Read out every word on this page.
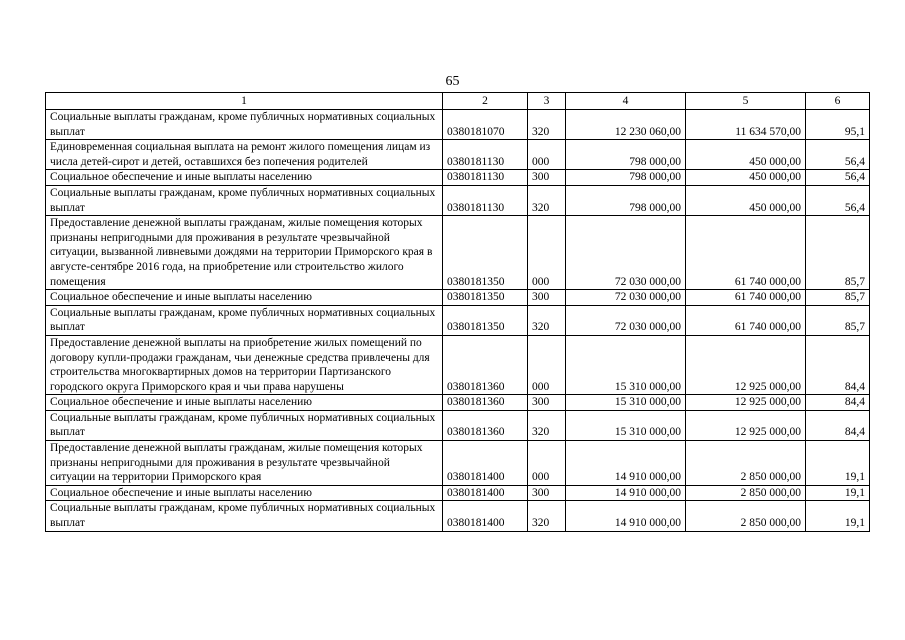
65
1	2	3	4	5	6
Социальные выплаты гражданам, кроме публичных нормативных социальных выплат	0380181070	320	12 230 060,00	11 634 570,00	95,1
Единовременная социальная выплата на ремонт жилого помещения лицам из числа детей-сирот и детей, оставшихся без попечения родителей	0380181130	000	798 000,00	450 000,00	56,4
Социальное обеспечение и иные выплаты населению	0380181130	300	798 000,00	450 000,00	56,4
Социальные выплаты гражданам, кроме публичных нормативных социальных выплат	0380181130	320	798 000,00	450 000,00	56,4
Предоставление денежной выплаты гражданам, жилые помещения которых признаны непригодными для проживания в результате чрезвычайной ситуации, вызванной ливневыми дождями на территории Приморского края в августе-сентябре 2016 года, на приобретение или строительство жилого помещения	0380181350	000	72 030 000,00	61 740 000,00	85,7
Социальное обеспечение и иные выплаты населению	0380181350	300	72 030 000,00	61 740 000,00	85,7
Социальные выплаты гражданам, кроме публичных нормативных социальных выплат	0380181350	320	72 030 000,00	61 740 000,00	85,7
Предоставление денежной выплаты на приобретение жилых помещений по договору купли-продажи гражданам, чьи денежные средства привлечены для строительства многоквартирных домов на территории Партизанского городского округа Приморского края и чьи права нарушены	0380181360	000	15 310 000,00	12 925 000,00	84,4
Социальное обеспечение и иные выплаты населению	0380181360	300	15 310 000,00	12 925 000,00	84,4
Социальные выплаты гражданам, кроме публичных нормативных социальных выплат	0380181360	320	15 310 000,00	12 925 000,00	84,4
Предоставление денежной выплаты гражданам, жилые помещения которых признаны непригодными для проживания в результате чрезвычайной ситуации на территории Приморского края	0380181400	000	14 910 000,00	2 850 000,00	19,1
Социальное обеспечение и иные выплаты населению	0380181400	300	14 910 000,00	2 850 000,00	19,1
Социальные выплаты гражданам, кроме публичных нормативных социальных выплат	0380181400	320	14 910 000,00	2 850 000,00	19,1
